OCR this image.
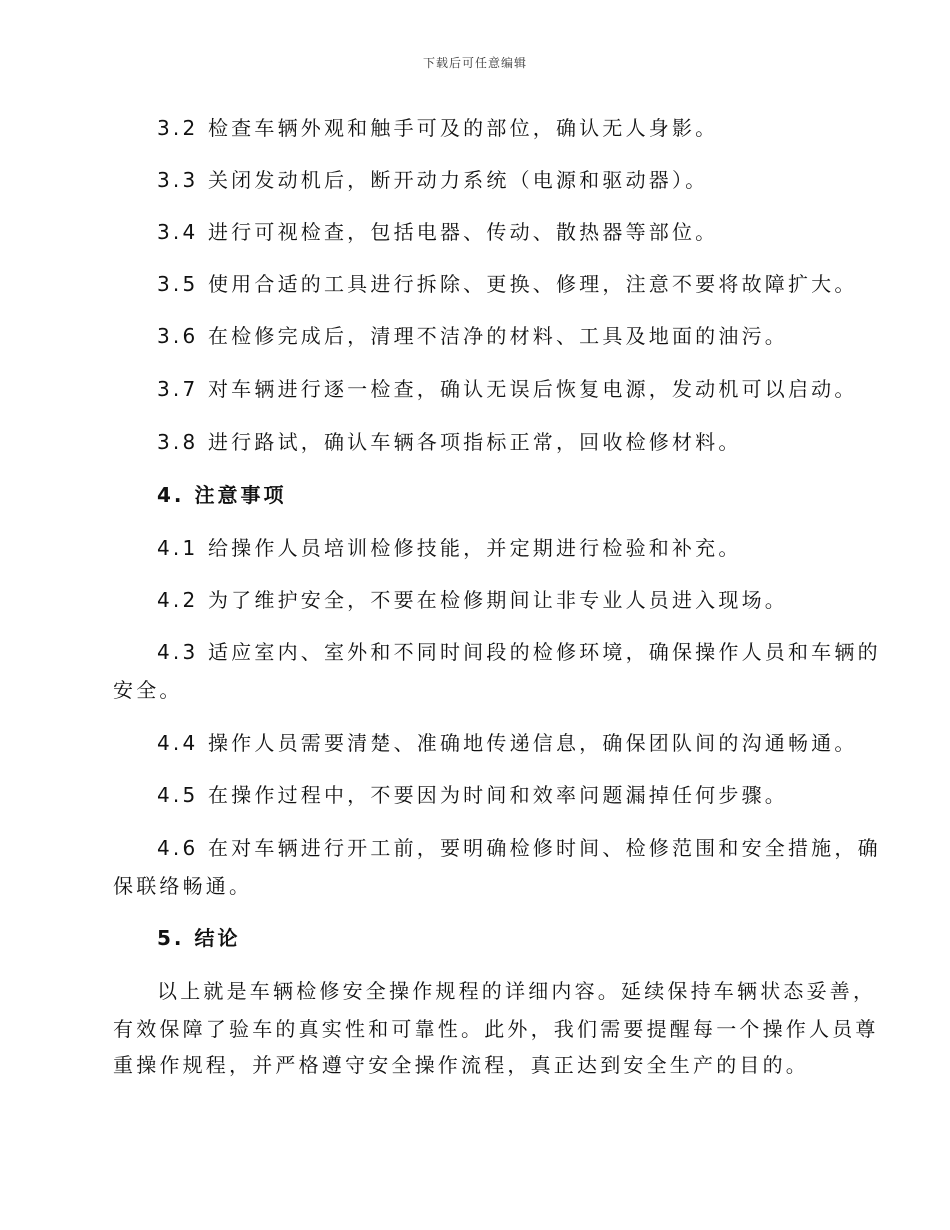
下载后可任意编辑
3.2 检查车辆外观和触手可及的部位，确认无人身影。
3.3 关闭发动机后，断开动力系统（电源和驱动器）。
3.4 进行可视检查，包括电器、传动、散热器等部位。
3.5 使用合适的工具进行拆除、更换、修理，注意不要将故障扩大。
3.6 在检修完成后，清理不洁净的材料、工具及地面的油污。
3.7 对车辆进行逐一检查，确认无误后恢复电源，发动机可以启动。
3.8 进行路试，确认车辆各项指标正常，回收检修材料。
4. 注意事项
4.1 给操作人员培训检修技能，并定期进行检验和补充。
4.2 为了维护安全，不要在检修期间让非专业人员进入现场。
4.3 适应室内、室外和不同时间段的检修环境，确保操作人员和车辆的
安全。
4.4 操作人员需要清楚、准确地传递信息，确保团队间的沟通畅通。
4.5 在操作过程中，不要因为时间和效率问题漏掉任何步骤。
4.6 在对车辆进行开工前，要明确检修时间、检修范围和安全措施，确
保联络畅通。
5. 结论
以上就是车辆检修安全操作规程的详细内容。延续保持车辆状态妥善，
有效保障了验车的真实性和可靠性。此外，我们需要提醒每一个操作人员尊
重操作规程，并严格遵守安全操作流程，真正达到安全生产的目的。
